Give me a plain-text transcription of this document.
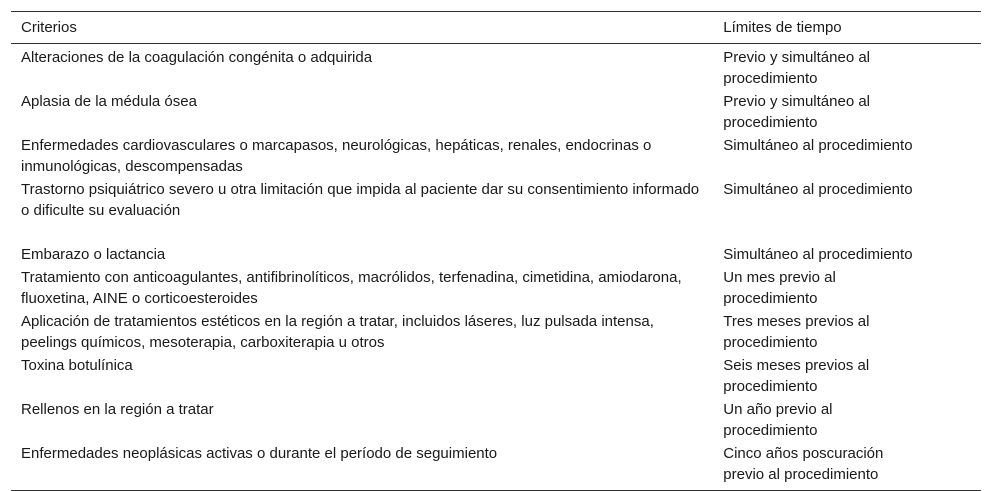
Criterios	Límites de tiempo
Alteraciones de la coagulación congénita o adquirida	Previo y simultáneo al procedimiento

Aplasia de la médula ósea	Previo y simultáneo al procedimiento

Enfermedades cardiovasculares o marcapasos, neurológicas, hepáticas, renales, endocrinas o inmunológicas, descompensadas	Simultáneo al procedimiento

Trastorno psiquiátrico severo u otra limitación que impida al paciente dar su consentimiento informado o dificulte su evaluación	Simultáneo al procedimiento

Embarazo o lactancia	Simultáneo al procedimiento

Tratamiento con anticoagulantes, antifibrinolíticos, macrólidos, terfenadina, cimetidina, amiodarona, fluoxetina, AINE o corticoesteroides	Un mes previo al procedimiento

Aplicación de tratamientos estéticos en la región a tratar, incluidos láseres, luz pulsada intensa, peelings químicos, mesoterapia, carboxiterapia u otros	Tres meses previos al procedimiento

Toxina botulínica	Seis meses previos al procedimiento

Rellenos en la región a tratar	Un año previo al procedimiento

Enfermedades neoplásicas activas o durante el período de seguimiento	Cinco años poscuración previo al procedimiento
